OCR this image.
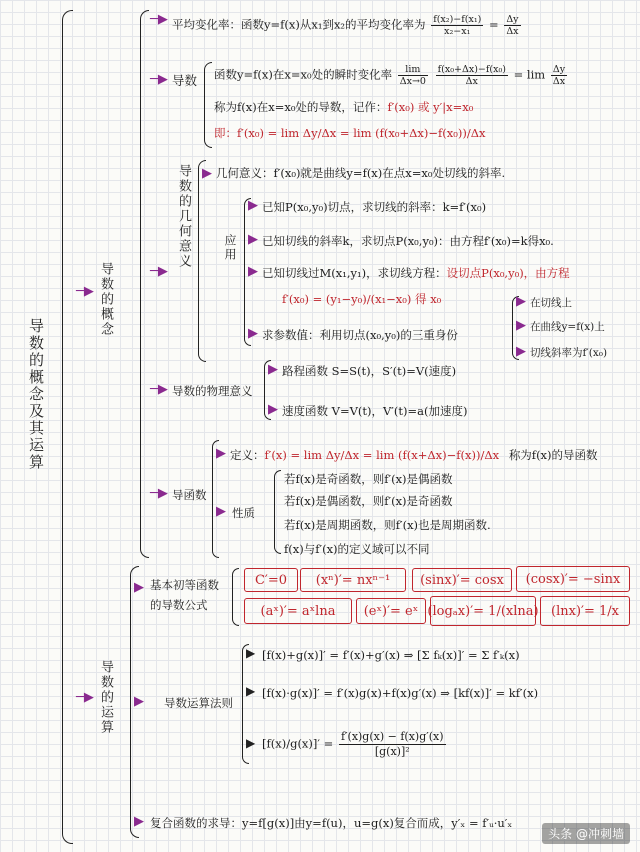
导数的概念及其运算
导数的概念
─▶
─▶ 平均变化率：函数y=f(x)从x₁到x₂的平均变化率为 $\frac{\text{f(x₂)−f(x₁)}}{\text{x₂−x₁}} = \frac{\Delta y}{\Delta x}$
─▶ 导数 函数y=f(x)在x=x₀处的瞬时变化率 $\frac{\lim}{\Delta x\to 0}$
$\frac{\text{f(x₀+Δx)−f(x₀)}}{\Delta x} = \lim \frac{\Delta y}{\Delta x}$
称为f(x)在x=x₀处的导数，记作：f′(x₀) 或 y′|x=x₀
即：f′(x₀) = lim Δy/Δx = lim (f(x₀+Δx)−f(x₀))/Δx
导数的几何意义
─▶
▶ 几何意义：f′(x₀)就是曲线y=f(x)在点x=x₀处切线的斜率.
应用
▶ 已知P(x₀,y₀)切点，求切线的斜率：k=f′(x₀)
▶ 已知切线的斜率k，求切点P(x₀,y₀)：由方程f′(x₀)=k得x₀.
▶ 已知切线过M(x₁,y₁)，求切线方程：设切点P(x₀,y₀)，由方程
f′(x₀) = (y₁−y₀)/(x₁−x₀) 得 x₀
▶ 求参数值：利用切点(x₀,y₀)的三重身份
▶ 在切线上
▶ 在曲线y=f(x)上
▶ 切线斜率为f′(x₀)
─▶ 导数的物理意义
▶ 路程函数 S=S(t)，S′(t)=V(速度)
▶ 速度函数 V=V(t)，V′(t)=a(加速度)
─▶ 导函数
▶ 定义：f′(x) = lim Δy/Δx = lim (f(x+Δx)−f(x))/Δx 称为f(x)的导函数
▶ 性质
若f(x)是奇函数，则f′(x)是偶函数
若f(x)是偶函数，则f′(x)是奇函数
若f(x)是周期函数，则f′(x)也是周期函数.
f(x)与f′(x)的定义域可以不同
导数的运算
─▶
▶ 基本初等函数
的导数公式
C′=0	(xⁿ)′= nxⁿ⁻¹	(sinx)′= cosx	(cosx)′= −sinx
(aˣ)′= aˣlna	(eˣ)′= eˣ (logₐx)′= 1/(xlna) (lnx)′= 1/x
▶ 导数运算法则
▶ [f(x)+g(x)]′ = f′(x)+g′(x) ⇒ [Σ fₖ(x)]′ = Σ f′ₖ(x)
▶ [f(x)·g(x)]′ = f′(x)g(x)+f(x)g′(x) ⇒ [kf(x)]′ = kf′(x)
▶ $[f(x)/g(x)]' = \frac{f'(x)g(x) - f(x)g'(x)}{\text{[g(x)]²}}$
▶ 复合函数的求导：y=f[g(x)]由y=f(u)，u=g(x)复合而成，y′ₓ = f′ᵤ·u′ₓ
头条 @冲刺墙
